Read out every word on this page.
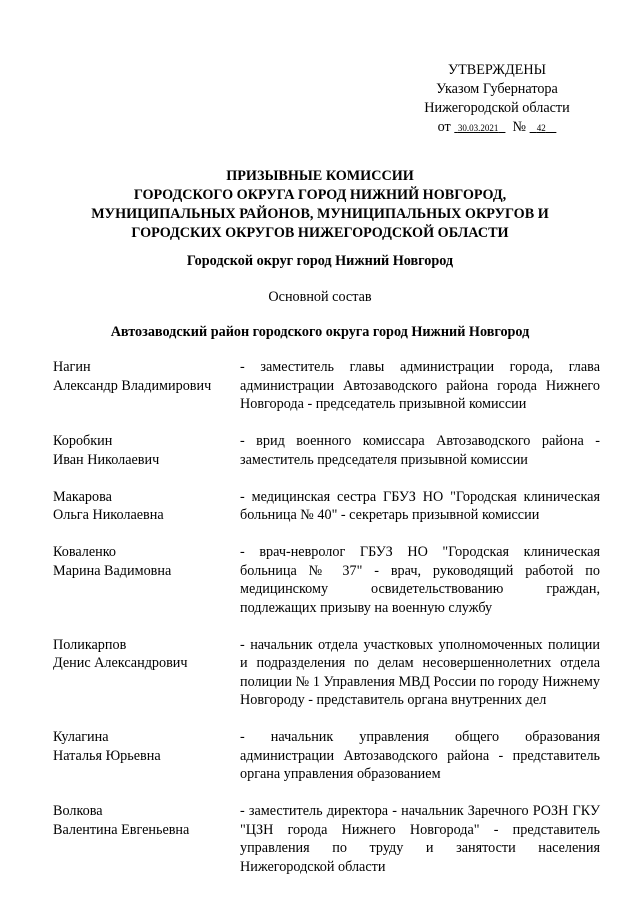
УТВЕРЖДЕНЫ
Указом Губернатора
Нижегородской области
от 30.03.2021 № 42
ПРИЗЫВНЫЕ КОМИССИИ
ГОРОДСКОГО ОКРУГА ГОРОД НИЖНИЙ НОВГОРОД,
МУНИЦИПАЛЬНЫХ РАЙОНОВ, МУНИЦИПАЛЬНЫХ ОКРУГОВ И
ГОРОДСКИХ ОКРУГОВ НИЖЕГОРОДСКОЙ ОБЛАСТИ
Городской округ город Нижний Новгород
Основной состав
Автозаводский район городского округа город Нижний Новгород
Нагин
Александр Владимирович
- заместитель главы администрации города, глава администрации Автозаводского района города Нижнего Новгорода - председатель призывной комиссии
Коробкин
Иван Николаевич
- врид военного комиссара Автозаводского района - заместитель председателя призывной комиссии
Макарова
Ольга Николаевна
- медицинская сестра ГБУЗ НО "Городская клиническая больница № 40" - секретарь призывной комиссии
Коваленко
Марина Вадимовна
- врач-невролог ГБУЗ НО "Городская клиническая больница № 37" - врач, руководящий работой по медицинскому освидетельствованию граждан, подлежащих призыву на военную службу
Поликарпов
Денис Александрович
- начальник отдела участковых уполномоченных полиции и подразделения по делам несовершеннолетних отдела полиции № 1 Управления МВД России по городу Нижнему Новгороду - представитель органа внутренних дел
Кулагина
Наталья Юрьевна
- начальник управления общего образования администрации Автозаводского района - представитель органа управления образованием
Волкова
Валентина Евгеньевна
- заместитель директора - начальник Заречного РОЗН ГКУ "ЦЗН города Нижнего Новгорода" - представитель управления по труду и занятости населения Нижегородской области
